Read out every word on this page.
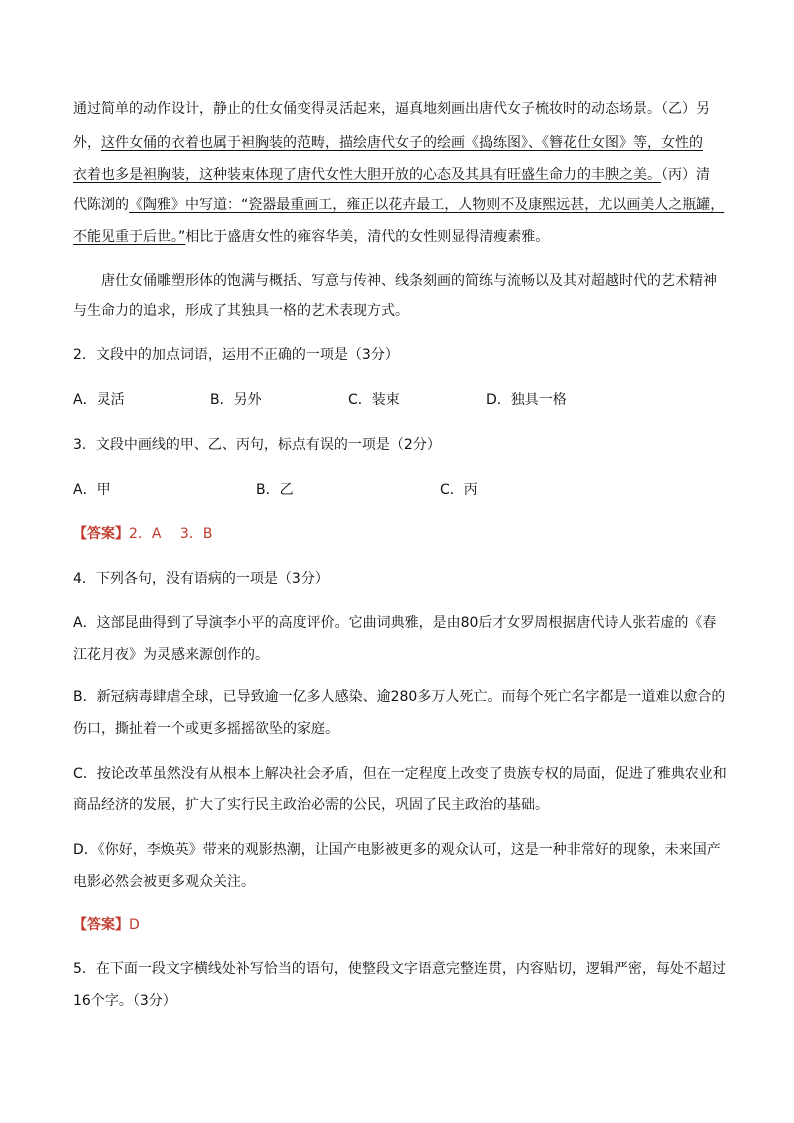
通过简单的动作设计，静止的仕女俑变得灵活起来，逼真地刻画出唐代女子梳妆时的动态场景。（乙）另
外，这件女俑的衣着也属于袒胸装的范畴，描绘唐代女子的绘画《捣练图》、《簪花仕女图》等，女性的
衣着也多是袒胸装，这种装束体现了唐代女性大胆开放的心态及其具有旺盛生命力的丰腴之美。（丙）清
代陈浏的《陶雅》中写道：“瓷器最重画工，雍正以花卉最工，人物则不及康熙远甚，尤以画美人之瓶罐，
不能见重于后世。”相比于盛唐女性的雍容华美，清代的女性则显得清瘦素雅。
唐仕女俑雕塑形体的饱满与概括、写意与传神、线条刻画的简练与流畅以及其对超越时代的艺术精神
与生命力的追求，形成了其独具一格的艺术表现方式。
2．文段中的加点词语，运用不正确的一项是（3分）
A．灵活	B．另外	C．装束	D．独具一格
3．文段中画线的甲、乙、丙句，标点有误的一项是（2分）
A．甲	B．乙	C．丙
【答案】2．A　 3．B
4．下列各句，没有语病的一项是（3分）
A．这部昆曲得到了导演李小平的高度评价。它曲词典雅，是由80后才女罗周根据唐代诗人张若虚的《春
江花月夜》为灵感来源创作的。
B．新冠病毒肆虐全球，已导致逾一亿多人感染、逾280多万人死亡。而每个死亡名字都是一道难以愈合的
伤口，撕扯着一个或更多摇摇欲坠的家庭。
C．按论改革虽然没有从根本上解决社会矛盾，但在一定程度上改变了贵族专权的局面，促进了雅典农业和
商品经济的发展，扩大了实行民主政治必需的公民，巩固了民主政治的基础。
D．《你好，李焕英》带来的观影热潮，让国产电影被更多的观众认可，这是一种非常好的现象，未来国产
电影必然会被更多观众关注。
【答案】D
5．在下面一段文字横线处补写恰当的语句，使整段文字语意完整连贯，内容贴切，逻辑严密，每处不超过
16个字。（3分）
